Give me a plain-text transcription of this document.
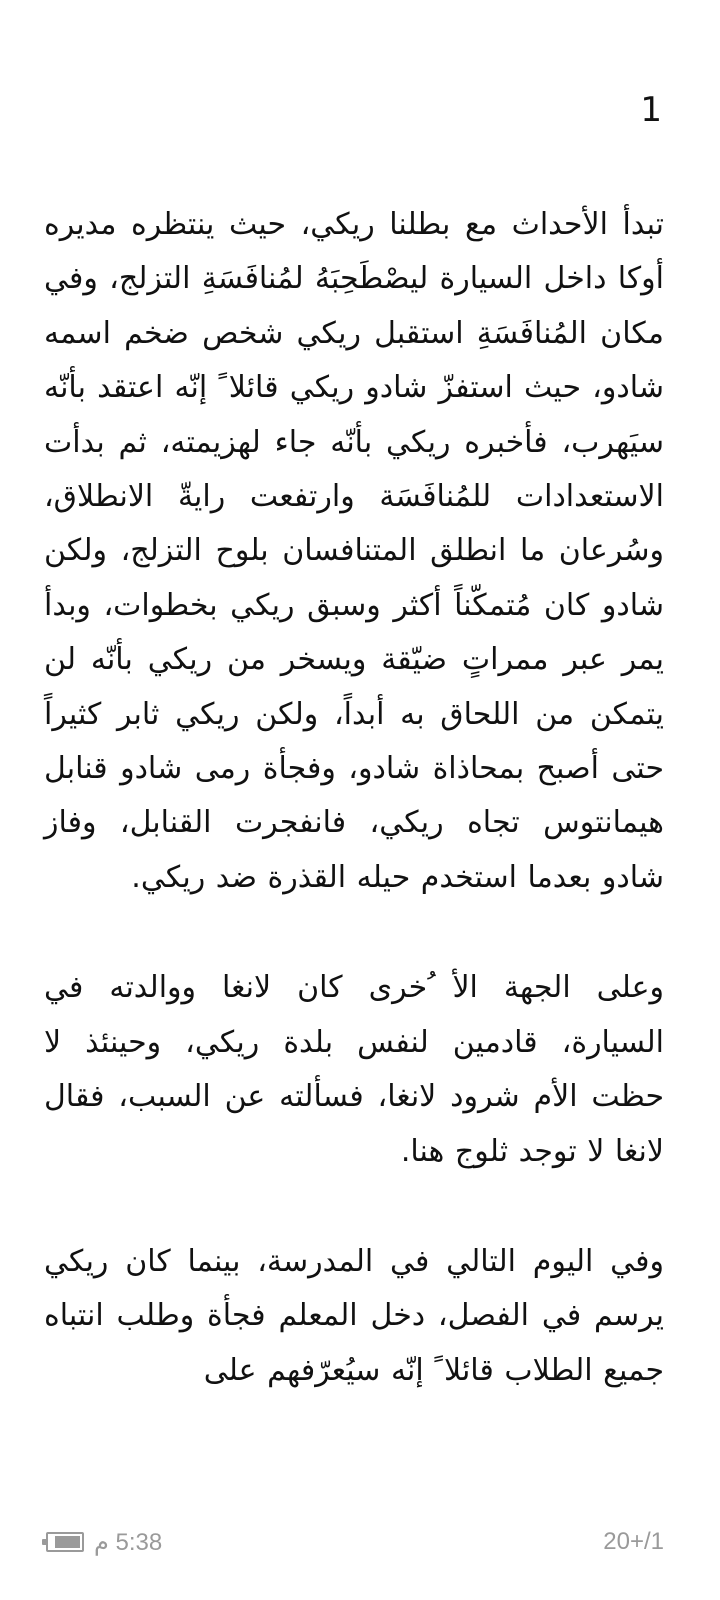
1

تبدأ الأحداث مع بطلنا ريكي، حيث ينتظره مديره أوكا داخل السيارة ليصْطَحِبَهُ لمُنافَسَةِ التزلج، وفي مكان المُنافَسَةِ استقبل ريكي شخص ضخم اسمه شادو، حيث استفزّ شادو ريكي قائلا ً إنّه اعتقد بأنّه سيَهرب، فأخبره ريكي بأنّه جاء لهزيمته، ثم بدأت الاستعدادات للمُنافَسَة وارتفعت رايةّ الانطلاق، وسُرعان ما انطلق المتنافسان بلوح التزلج، ولكن شادو كان مُتمكّناً أكثر وسبق ريكي بخطوات، وبدأ يمر عبر ممراتٍ ضيّقة ويسخر من ريكي بأنّه لن يتمكن من اللحاق به أبداً، ولكن ريكي ثابر كثيراً حتى أصبح بمحاذاة شادو، وفجأة رمى شادو قنابل هيمانتوس تجاه ريكي، فانفجرت القنابل، وفاز شادو بعدما استخدم حيله القذرة ضد ريكي.

وعلى الجهة الأ ُخرى كان لانغا ووالدته في السيارة، قادمين لنفس بلدة ريكي، وحينئذ لا حظت الأم شرود لانغا، فسألته عن السبب، فقال لانغا لا توجد ثلوج هنا.

وفي اليوم التالي في المدرسة، بينما كان ريكي يرسم في الفصل، دخل المعلم فجأة وطلب انتباه جميع الطلاب قائلا ً إنّه سيُعرّفهم على

5:38 م	20+/1
